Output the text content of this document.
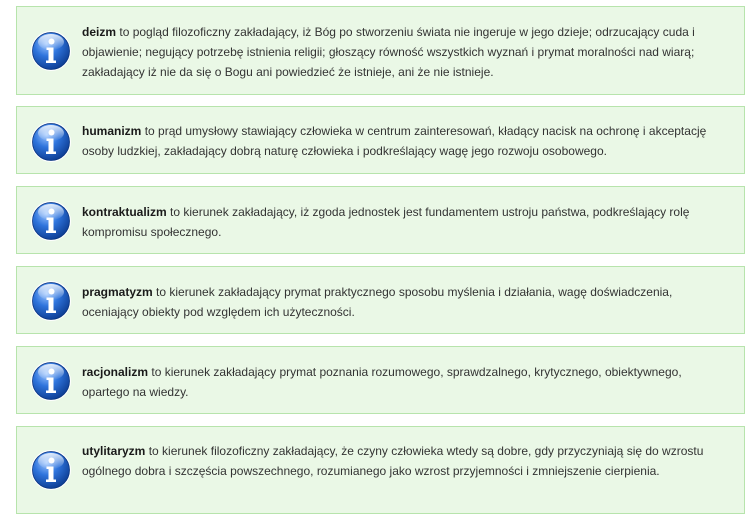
deizm to pogląd filozoficzny zakładający, iż Bóg po stworzeniu świata nie ingeruje w jego dzieje; odrzucający cuda i objawienie; negujący potrzebę istnienia religii; głoszący równość wszystkich wyznań i prymat moralności nad wiarą; zakładający iż nie da się o Bogu ani powiedzieć że istnieje, ani że nie istnieje.
humanizm to prąd umysłowy stawiający człowieka w centrum zainteresowań, kładący nacisk na ochronę i akceptację osoby ludzkiej, zakładający dobrą naturę człowieka i podkreślający wagę jego rozwoju osobowego.
kontraktualizm to kierunek zakładający, iż zgoda jednostek jest fundamentem ustroju państwa, podkreślający rolę kompromisu społecznego.
pragmatyzm to kierunek zakładający prymat praktycznego sposobu myślenia i działania, wagę doświadczenia, oceniający obiekty pod względem ich użyteczności.
racjonalizm to kierunek zakładający prymat poznania rozumowego, sprawdzalnego, krytycznego, obiektywnego, opartego na wiedzy.
utylitaryzm to kierunek filozoficzny zakładający, że czyny człowieka wtedy są dobre, gdy przyczyniają się do wzrostu ogólnego dobra i szczęścia powszechnego, rozumianego jako wzrost przyjemności i zmniejszenie cierpienia.
